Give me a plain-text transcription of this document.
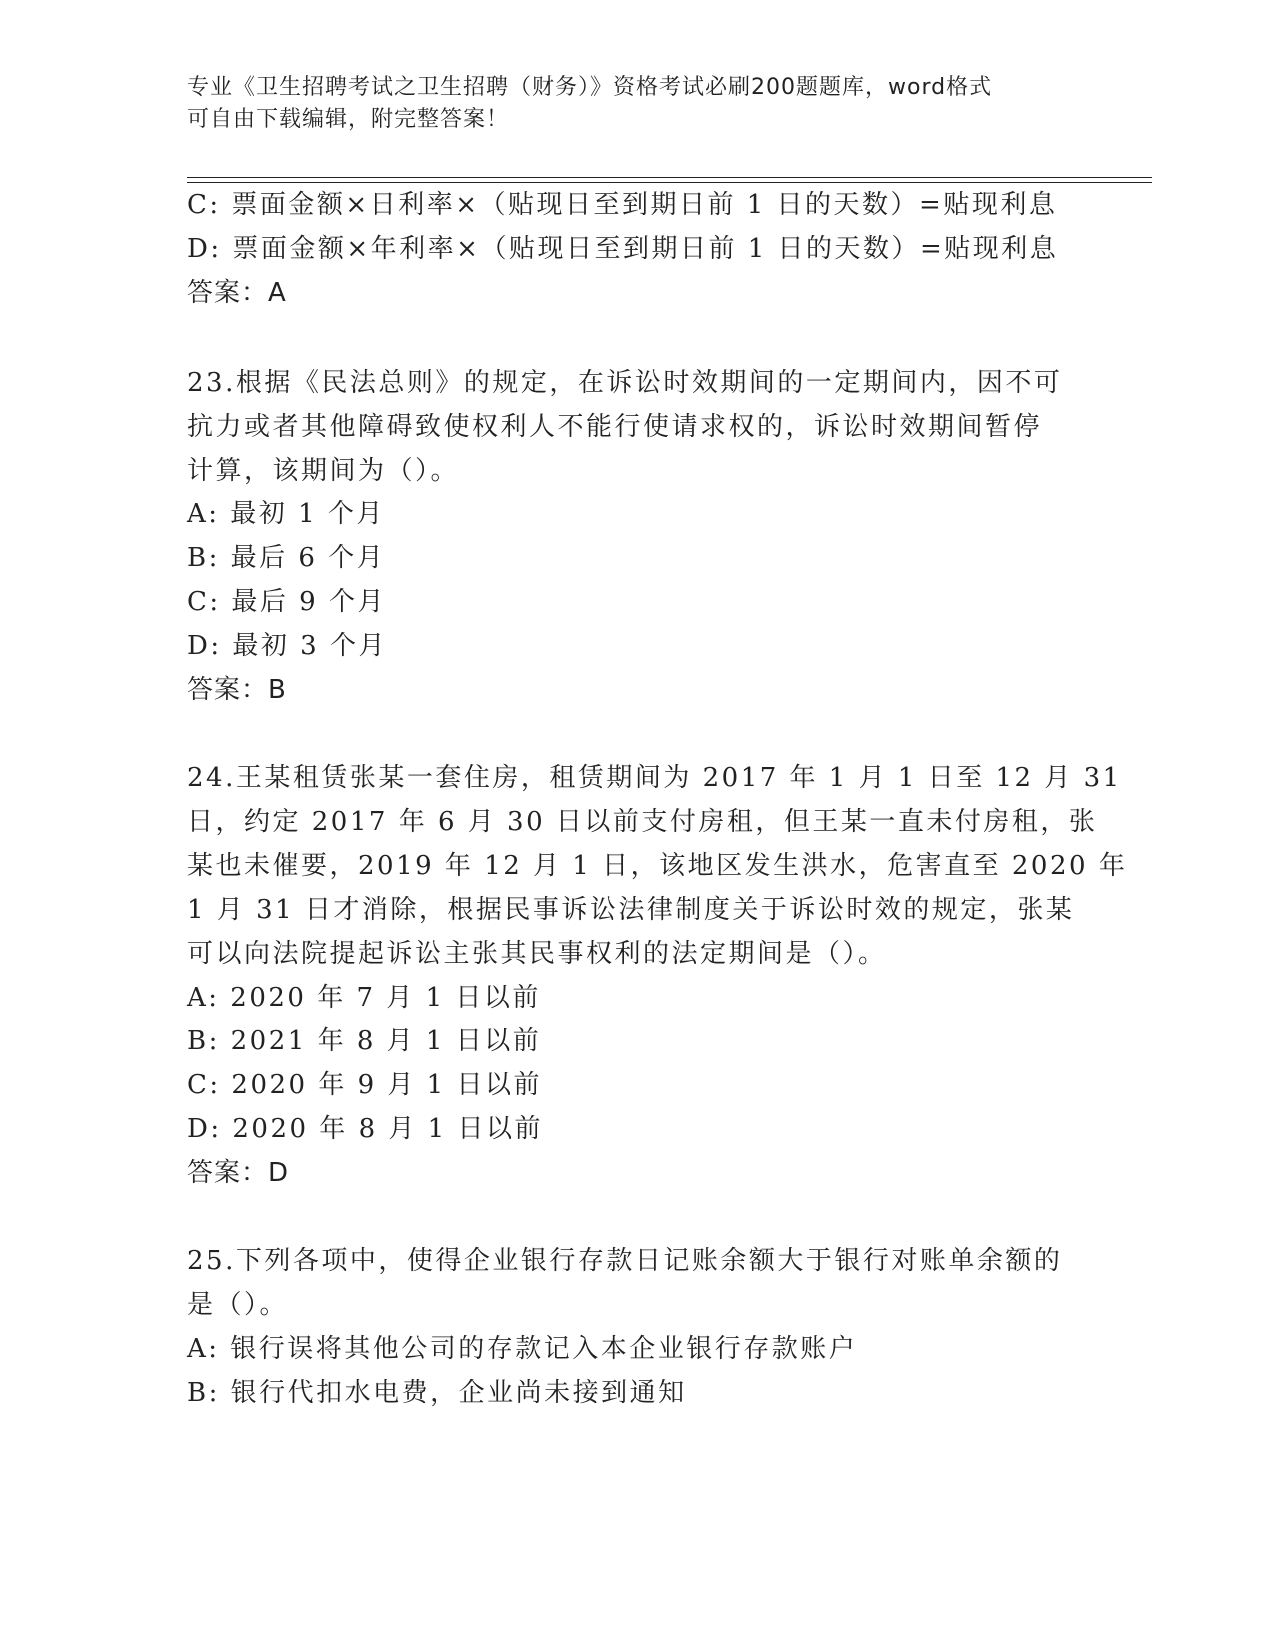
专业《卫生招聘考试之卫生招聘（财务）》资格考试必刷200题题库，word格式
可自由下载编辑，附完整答案！
C: 票面金额×日利率×（贴现日至到期日前 1 日的天数）=贴现利息
D: 票面金额×年利率×（贴现日至到期日前 1 日的天数）=贴现利息
答案：A
23.根据《民法总则》的规定，在诉讼时效期间的一定期间内，因不可
抗力或者其他障碍致使权利人不能行使请求权的，诉讼时效期间暂停
计算，该期间为（）。
A: 最初 1 个月
B: 最后 6 个月
C: 最后 9 个月
D: 最初 3 个月
答案：B
24.王某租赁张某一套住房，租赁期间为 2017 年 1 月 1 日至 12 月 31
日，约定 2017 年 6 月 30 日以前支付房租，但王某一直未付房租，张
某也未催要，2019 年 12 月 1 日，该地区发生洪水，危害直至 2020 年
1 月 31 日才消除，根据民事诉讼法律制度关于诉讼时效的规定，张某
可以向法院提起诉讼主张其民事权利的法定期间是（）。
A: 2020 年 7 月 1 日以前
B: 2021 年 8 月 1 日以前
C: 2020 年 9 月 1 日以前
D: 2020 年 8 月 1 日以前
答案：D
25.下列各项中，使得企业银行存款日记账余额大于银行对账单余额的
是（）。
A: 银行误将其他公司的存款记入本企业银行存款账户
B: 银行代扣水电费，企业尚未接到通知
